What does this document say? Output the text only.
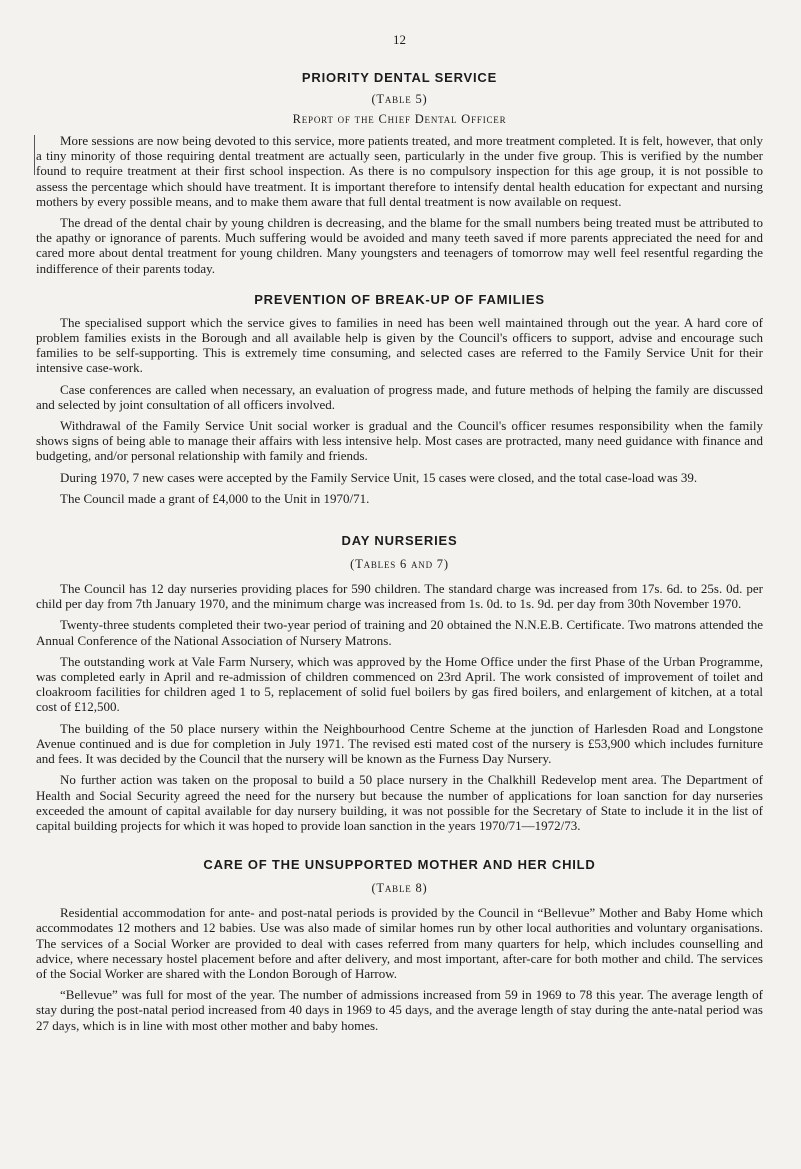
12
PRIORITY DENTAL SERVICE
(Table 5)
Report of the Chief Dental Officer

More sessions are now being devoted to this service, more patients treated, and more treatment completed. It is felt, however, that only a tiny minority of those requiring dental treatment are actually seen, particularly in the under five group. This is verified by the number found to require treatment at their first school inspection. As there is no compulsory inspection for this age group, it is not possible to assess the percentage which should have treatment. It is important therefore to intensify dental health education for expectant and nursing mothers by every possible means, and to make them aware that full dental treatment is now available on request.

The dread of the dental chair by young children is decreasing, and the blame for the small numbers being treated must be attributed to the apathy or ignorance of parents. Much suffering would be avoided and many teeth saved if more parents appreciated the need for and cared more about dental treatment for young children. Many youngsters and teenagers of tomorrow may well feel resentful regarding the indifference of their parents today.

PREVENTION OF BREAK-UP OF FAMILIES

The specialised support which the service gives to families in need has been well maintained through out the year. A hard core of problem families exists in the Borough and all available help is given by the Council's officers to support, advise and encourage such families to be self-supporting. This is extremely time consuming, and selected cases are referred to the Family Service Unit for their intensive case-work.

Case conferences are called when necessary, an evaluation of progress made, and future methods of helping the family are discussed and selected by joint consultation of all officers involved.

Withdrawal of the Family Service Unit social worker is gradual and the Council's officer resumes responsibility when the family shows signs of being able to manage their affairs with less intensive help. Most cases are protracted, many need guidance with finance and budgeting, and/or personal relationship with family and friends.

During 1970, 7 new cases were accepted by the Family Service Unit, 15 cases were closed, and the total case-load was 39.

The Council made a grant of £4,000 to the Unit in 1970/71.

DAY NURSERIES
(Tables 6 and 7)

The Council has 12 day nurseries providing places for 590 children. The standard charge was increased from 17s. 6d. to 25s. 0d. per child per day from 7th January 1970, and the minimum charge was increased from 1s. 0d. to 1s. 9d. per day from 30th November 1970.

Twenty-three students completed their two-year period of training and 20 obtained the N.N.E.B. Certificate. Two matrons attended the Annual Conference of the National Association of Nursery Matrons.

The outstanding work at Vale Farm Nursery, which was approved by the Home Office under the first Phase of the Urban Programme, was completed early in April and re-admission of children commenced on 23rd April. The work consisted of improvement of toilet and cloakroom facilities for children aged 1 to 5, replacement of solid fuel boilers by gas fired boilers, and enlargement of kitchen, at a total cost of £12,500.

The building of the 50 place nursery within the Neighbourhood Centre Scheme at the junction of Harlesden Road and Longstone Avenue continued and is due for completion in July 1971. The revised esti mated cost of the nursery is £53,900 which includes furniture and fees. It was decided by the Council that the nursery will be known as the Furness Day Nursery.

No further action was taken on the proposal to build a 50 place nursery in the Chalkhill Redevelop ment area. The Department of Health and Social Security agreed the need for the nursery but because the number of applications for loan sanction for day nurseries exceeded the amount of capital available for day nursery building, it was not possible for the Secretary of State to include it in the list of capital building projects for which it was hoped to provide loan sanction in the years 1970/71—1972/73.

CARE OF THE UNSUPPORTED MOTHER AND HER CHILD
(Table 8)

Residential accommodation for ante- and post-natal periods is provided by the Council in “Bellevue” Mother and Baby Home which accommodates 12 mothers and 12 babies. Use was also made of similar homes run by other local authorities and voluntary organisations. The services of a Social Worker are provided to deal with cases referred from many quarters for help, which includes counselling and advice, where necessary hostel placement before and after delivery, and most important, after-care for both mother and child. The services of the Social Worker are shared with the London Borough of Harrow.

“Bellevue” was full for most of the year. The number of admissions increased from 59 in 1969 to 78 this year. The average length of stay during the post-natal period increased from 40 days in 1969 to 45 days, and the average length of stay during the ante-natal period was 27 days, which is in line with most other mother and baby homes.
